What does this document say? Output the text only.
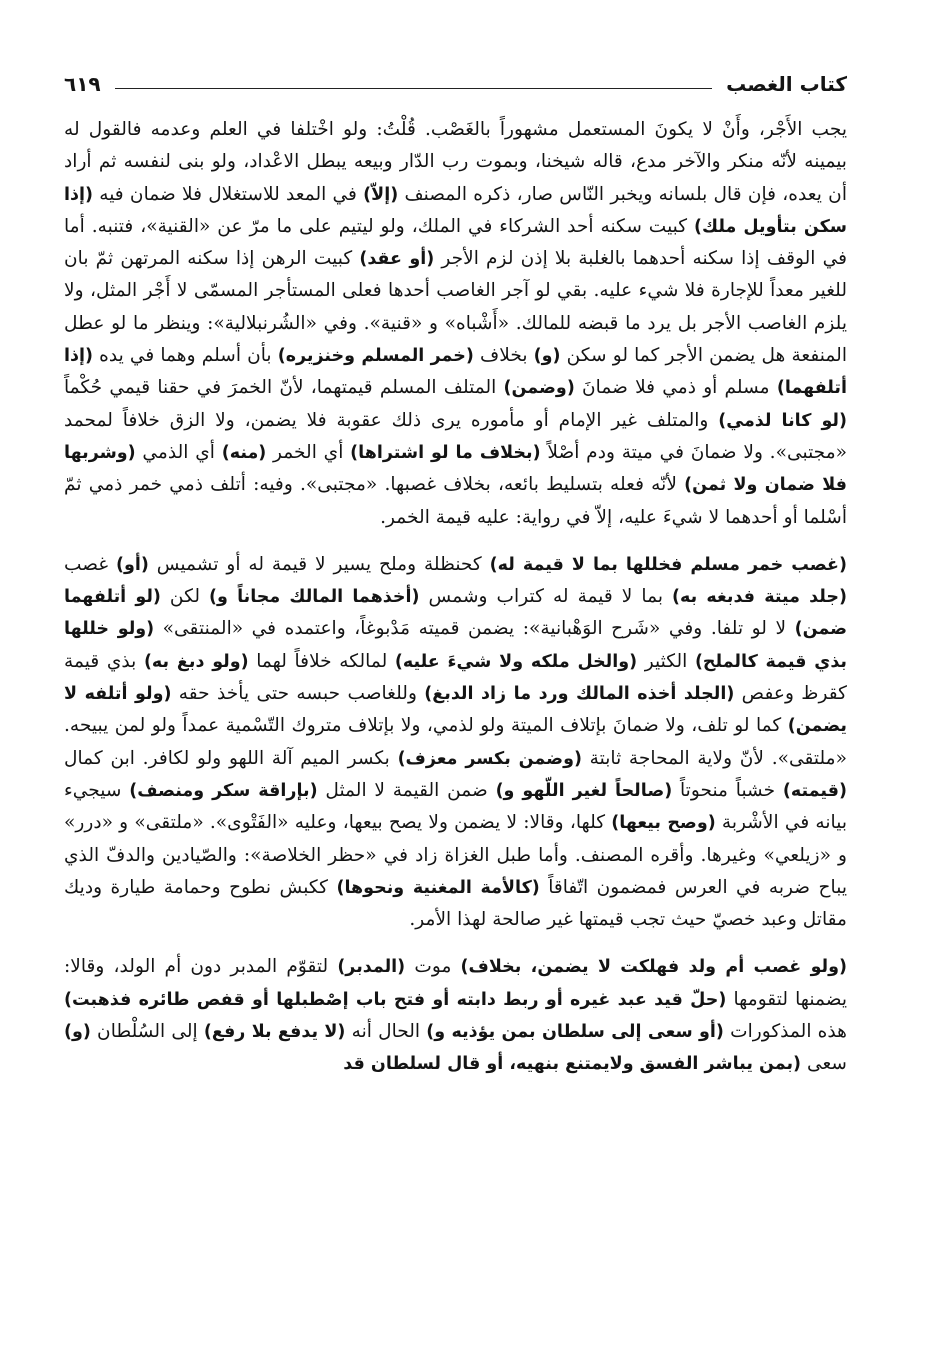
٦١٩	كتاب الغصب

يجب الأَجْر، وأَنْ لا يكونَ المستعمل مشهوراً بالغَصْب. قُلْتُ: ولو اخْتلفا في العلم وعدمه فالقول له بيمينه لأنّه منكر والآخر مدع، قاله شيخنا، وبموت رب الدّار وبيعه يبطل الاعْداد، ولو بنى لنفسه ثم أراد أن يعده، فإن قال بلسانه ويخبر النّاس صار، ذكره المصنف (إلاّ) في المعد للاستغلال فلا ضمان فيه (إذا سكن بتأويل ملك) كبيت سكنه أحد الشركاء في الملك، ولو ليتيم على ما مرّ عن «القنية»، فتنبه. أما في الوقف إذا سكنه أحدهما بالغلبة بلا إذن لزم الأجر (أو عقد) كبيت الرهن إذا سكنه المرتهن ثمّ بان للغير معداً للإجارة فلا شيء عليه. بقي لو آجر الغاصب أحدها فعلى المستأجر المسمّى لا أَجْر المثل، ولا يلزم الغاصب الأجر بل يرد ما قبضه للمالك. «أَشْباه» و «قنية». وفي «الشُرنبلالية»: وينظر ما لو عطل المنفعة هل يضمن الأجر كما لو سكن (و) بخلاف (خمر المسلم وخنزيره) بأن أسلم وهما في يده (إذا أتلفهما) مسلم أو ذمي فلا ضمانَ (وضمن) المتلف المسلم قيمتهما، لأنّ الخمرَ في حقنا قيمي حُكْماً (لو كانا لذمي) والمتلف غير الإمام أو مأموره يرى ذلك عقوبة فلا يضمن، ولا الزق خلافاً لمحمد «مجتبى». ولا ضمانَ في ميتة ودم أصْلاً (بخلاف ما لو اشتراها) أي الخمر (منه) أي الذمي (وشربها فلا ضمان ولا ثمن) لأنّه فعله بتسليط بائعه، بخلاف غصبها. «مجتبى». وفيه: أتلف ذمي خمر ذمي ثمّ أسْلما أو أحدهما لا شيءَ عليه، إلاّ في رواية: عليه قيمة الخمر.

(غصب خمر مسلم فخللها بما لا قيمة له) كحنظلة وملح يسير لا قيمة له أو تشميس (أو) غصب (جلد ميتة فدبغه به) بما لا قيمة له كتراب وشمس (أخذهما المالك مجاناً و) لكن (لو أتلفهما ضمن) لا لو تلفا. وفي «شَرح الوَهْبانية»: يضمن قميته مَدْبوغاً، واعتمده في «المنتقى» (ولو خللها بذي قيمة كالملح) الكثير (والخل ملكه ولا شيءَ عليه) لمالكه خلافاً لهما (ولو دبغ به) بذي قيمة كقرظ وعفص (الجلد أخذه المالك ورد ما زاد الدبغ) وللغاصب حبسه حتى يأخذ حقه (ولو أتلفه لا يضمن) كما لو تلف، ولا ضمانَ بإتلاف الميتة ولو لذمي، ولا بإتلاف متروك التّسْمية عمداً ولو لمن يبيحه. «ملتقى». لأنّ ولاية المحاجة ثابتة (وضمن بكسر معزف) بكسر الميم آلة اللهو ولو لكافر. ابن كمال (قيمته) خشباً منحوتاً (صالحاً لغير اللّهو و) ضمن القيمة لا المثل (بإراقة سكر ومنصف) سيجيء بيانه في الأشْربة (وصح بيعها) كلها، وقالا: لا يضمن ولا يصح بيعها، وعليه «الفَتْوى». «ملتقى» و «درر» و «زيلعي» وغيرها. وأقره المصنف. وأما طبل الغزاة زاد في «حظر الخلاصة»: والصّيادين والدفّ الذي يباح ضربه في العرس فمضمون اتّفاقاً (كالأمة المغنية ونحوها) ككبش نطوح وحمامة طيارة وديك مقاتل وعبد خصيّ حيث تجب قيمتها غير صالحة لهذا الأمر.

(ولو غصب أم ولد فهلكت لا يضمن، بخلاف) موت (المدبر) لتقوّم المدبر دون أم الولد، وقالا: يضمنها لتقومها (حلّ قيد عبد غيره أو ربط دابته أو فتح باب إصْطبلها أو قفص طائره فذهبت) هذه المذكورات (أو سعى إلى سلطان بمن يؤذيه و) الحال أنه (لا يدفع بلا رفع) إلى السُلْطان (و) سعى (بمن يباشر الفسق ولايمتنع بنهيه، أو قال لسلطان قد
